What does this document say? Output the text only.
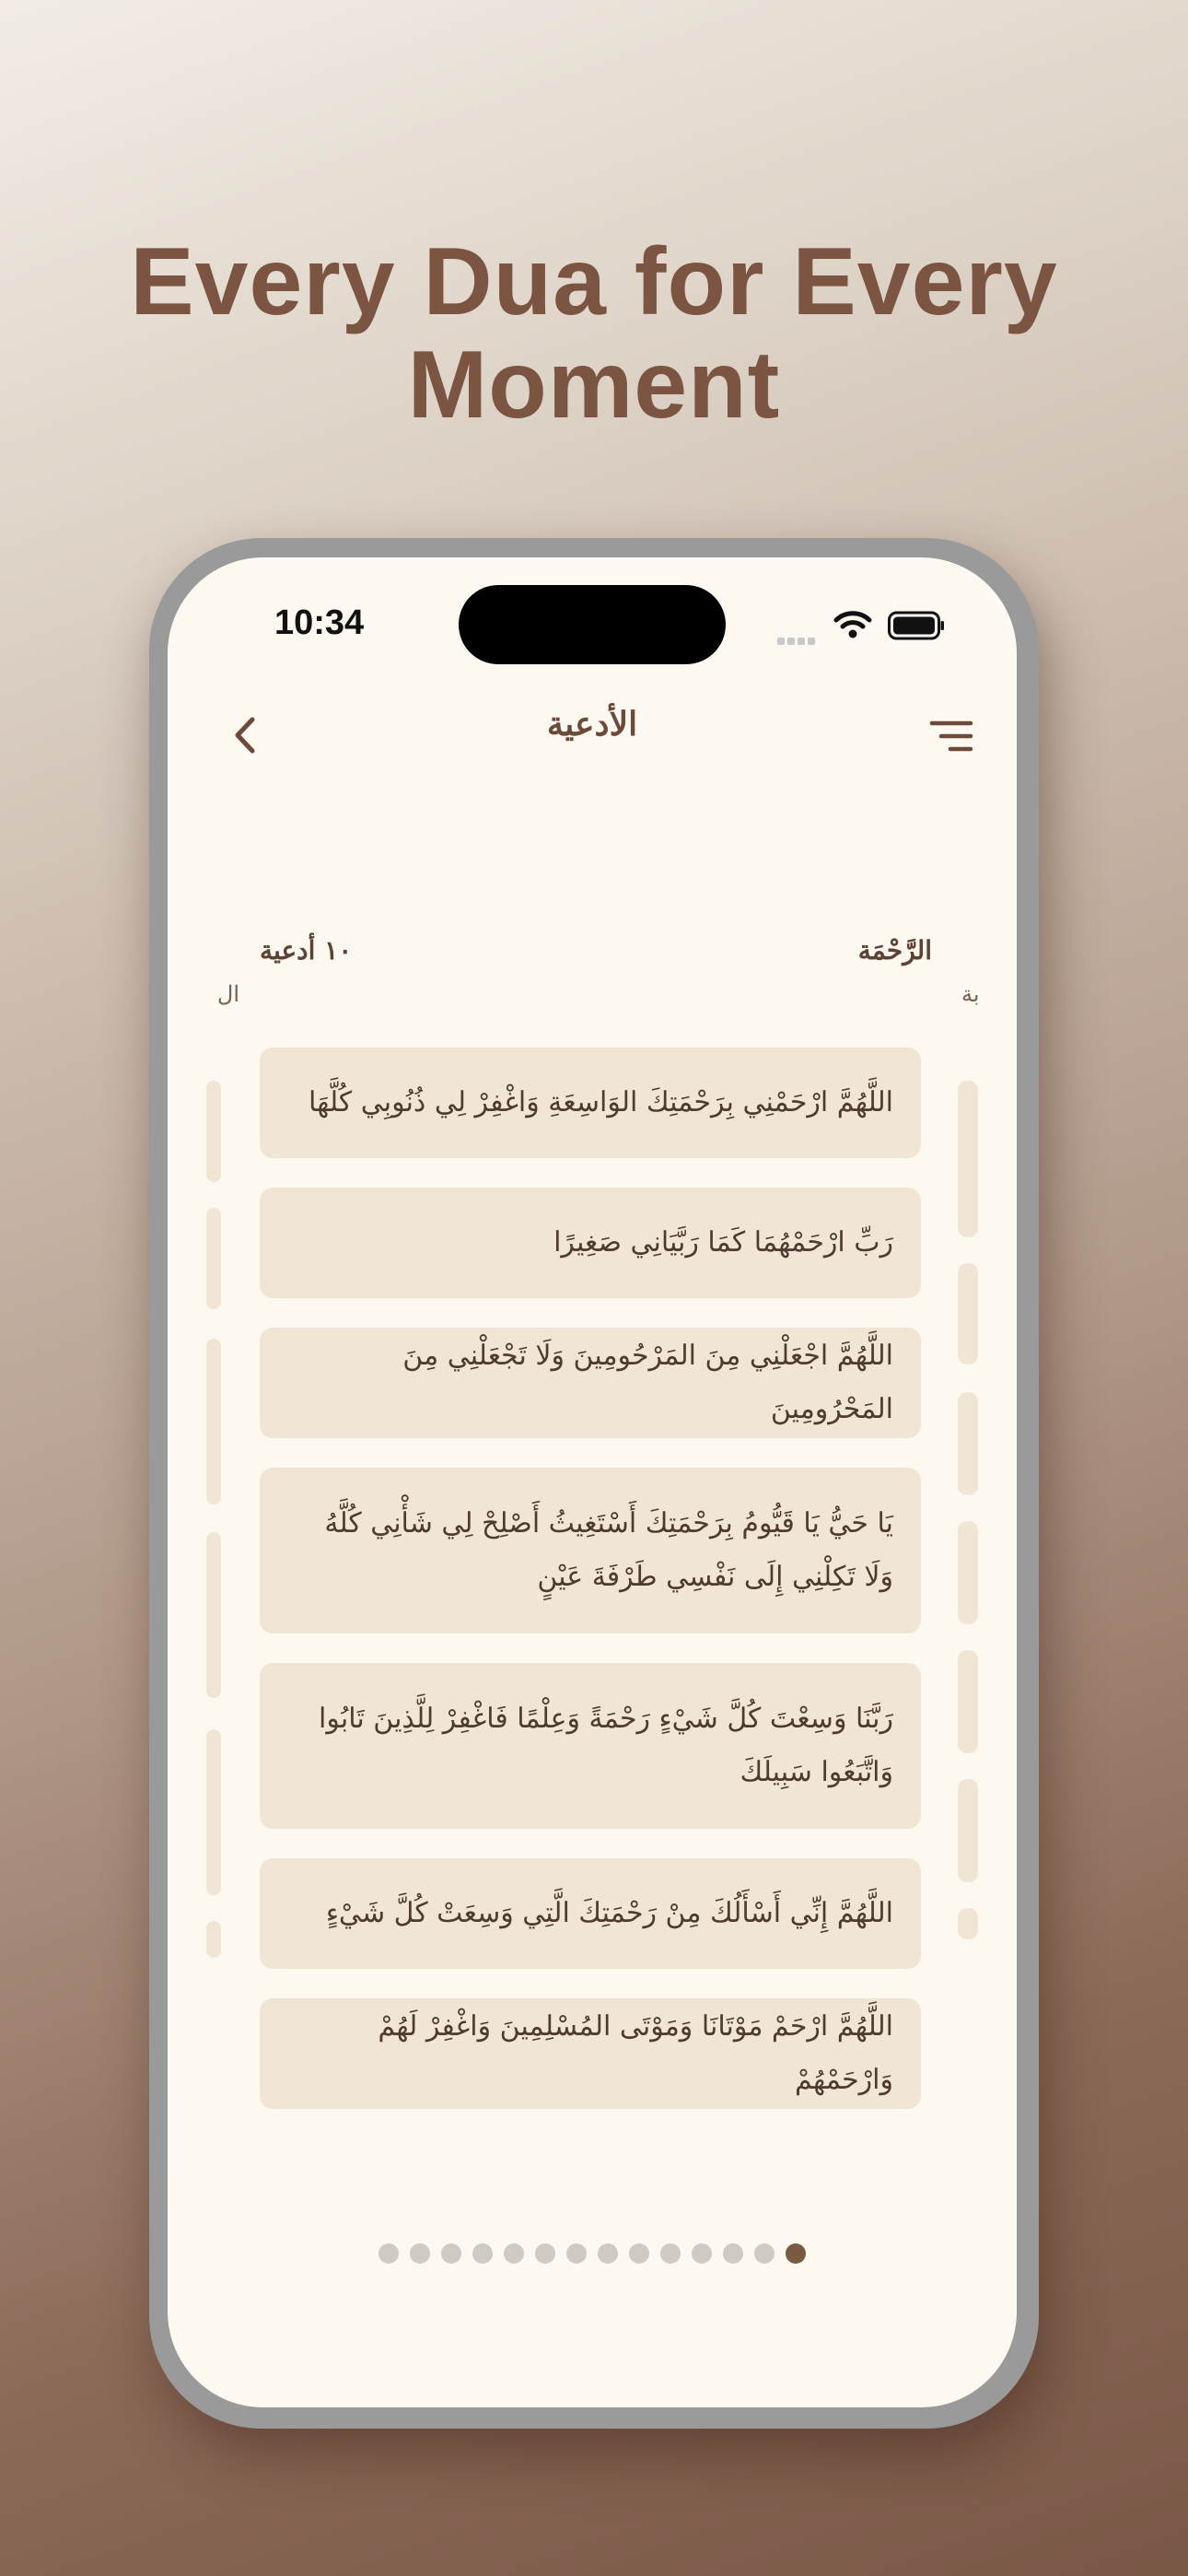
Every Dua for Every
Moment
10:34
الأدعية
الرَّحْمَة
١٠ أدعية
ال	بة
اللَّهُمَّ ارْحَمْنِي بِرَحْمَتِكَ الوَاسِعَةِ وَاغْفِرْ لِي ذُنُوبِي كُلَّهَا
رَبِّ ارْحَمْهُمَا كَمَا رَبَّيَانِي صَغِيرًا
اللَّهُمَّ اجْعَلْنِي مِنَ المَرْحُومِينَ وَلَا تَجْعَلْنِي مِنَ المَحْرُومِينَ
يَا حَيُّ يَا قَيُّومُ بِرَحْمَتِكَ أَسْتَغِيثُ أَصْلِحْ لِي شَأْنِي كُلَّهُ وَلَا تَكِلْنِي إِلَى نَفْسِي طَرْفَةَ عَيْنٍ
رَبَّنَا وَسِعْتَ كُلَّ شَيْءٍ رَحْمَةً وَعِلْمًا فَاغْفِرْ لِلَّذِينَ تَابُوا وَاتَّبَعُوا سَبِيلَكَ
اللَّهُمَّ إِنِّي أَسْأَلُكَ مِنْ رَحْمَتِكَ الَّتِي وَسِعَتْ كُلَّ شَيْءٍ
اللَّهُمَّ ارْحَمْ مَوْتَانَا وَمَوْتَى المُسْلِمِينَ وَاغْفِرْ لَهُمْ وَارْحَمْهُمْ
